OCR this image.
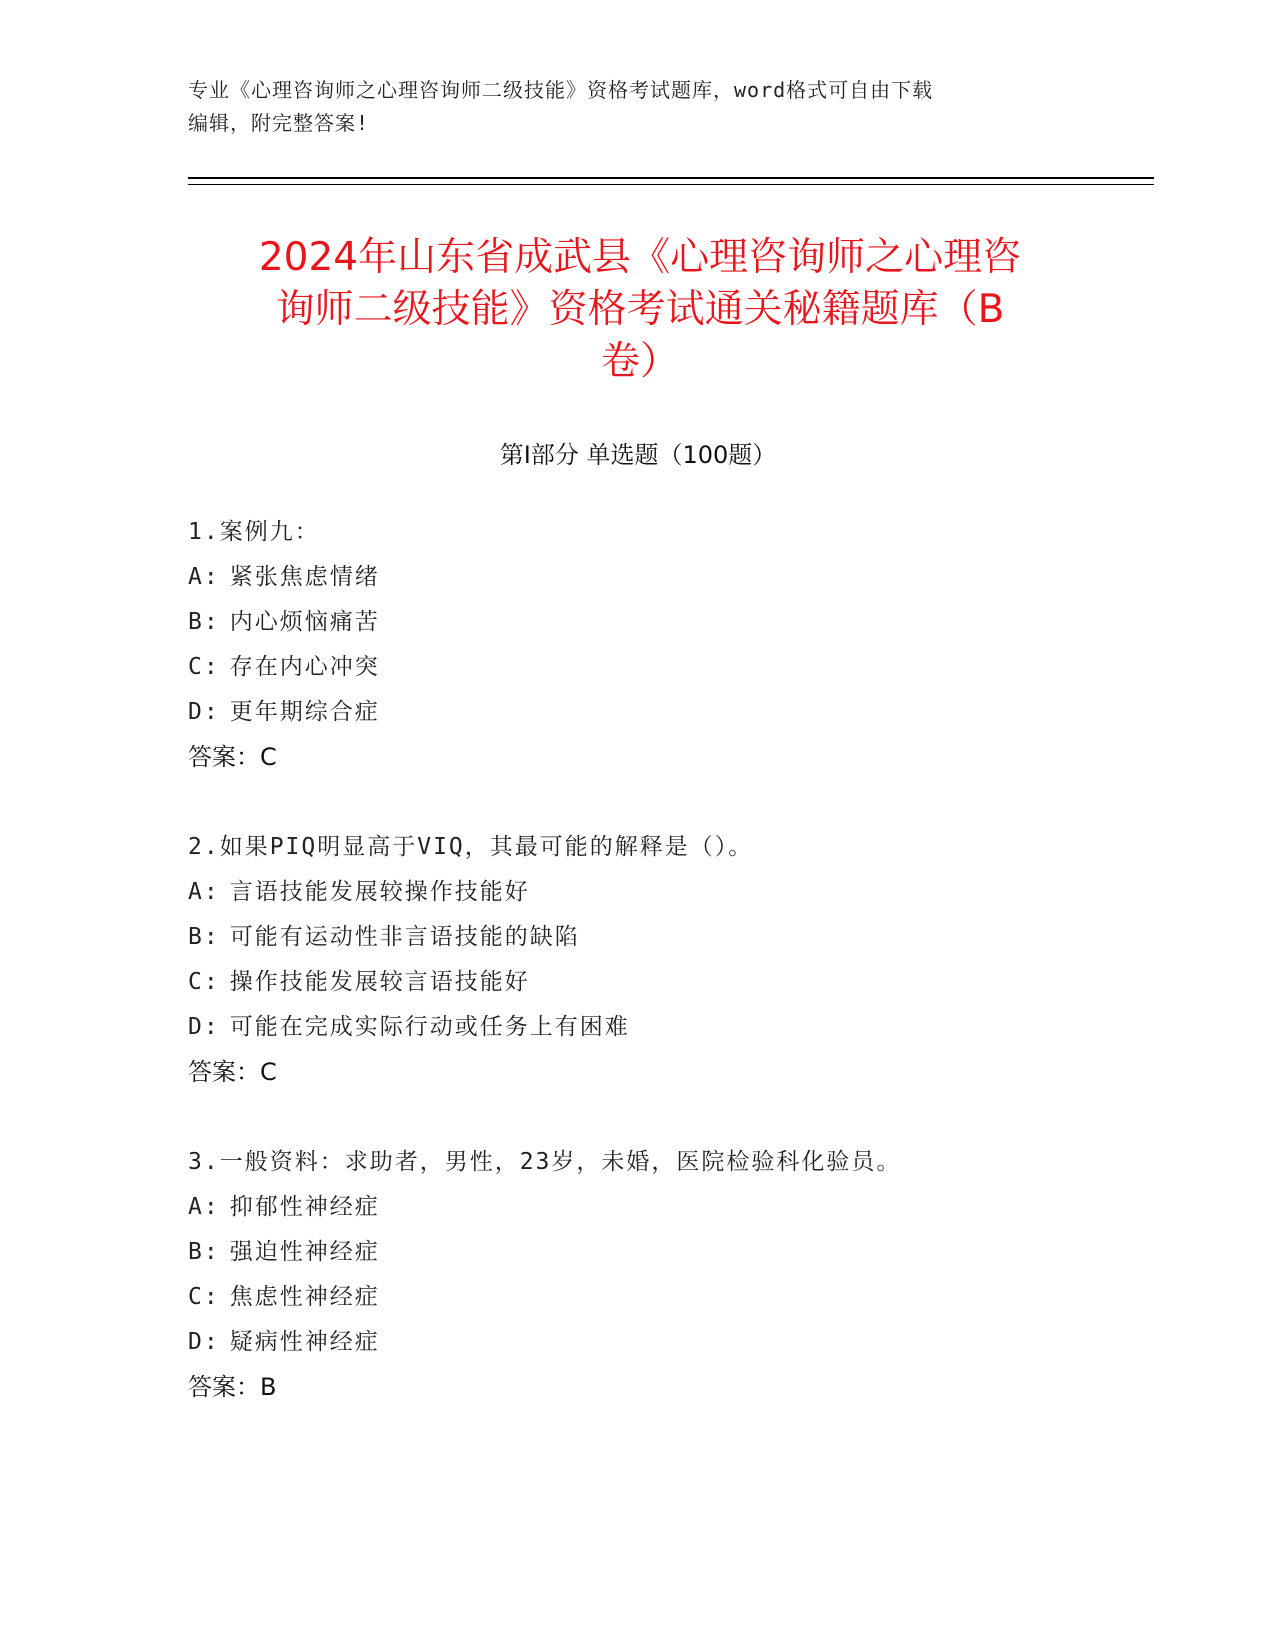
专业《心理咨询师之心理咨询师二级技能》资格考试题库，word格式可自由下载
编辑，附完整答案!
2024年山东省成武县《心理咨询师之心理咨
询师二级技能》资格考试通关秘籍题库（B
卷）
第Ⅰ部分 单选题（100题）
1.案例九：
A: 紧张焦虑情绪
B: 内心烦恼痛苦
C: 存在内心冲突
D: 更年期综合症
答案：C
2.如果PIQ明显高于VIQ，其最可能的解释是（）。
A: 言语技能发展较操作技能好
B: 可能有运动性非言语技能的缺陷
C: 操作技能发展较言语技能好
D: 可能在完成实际行动或任务上有困难
答案：C
3.一般资料：求助者，男性，23岁，未婚，医院检验科化验员。
A: 抑郁性神经症
B: 强迫性神经症
C: 焦虑性神经症
D: 疑病性神经症
答案：B
